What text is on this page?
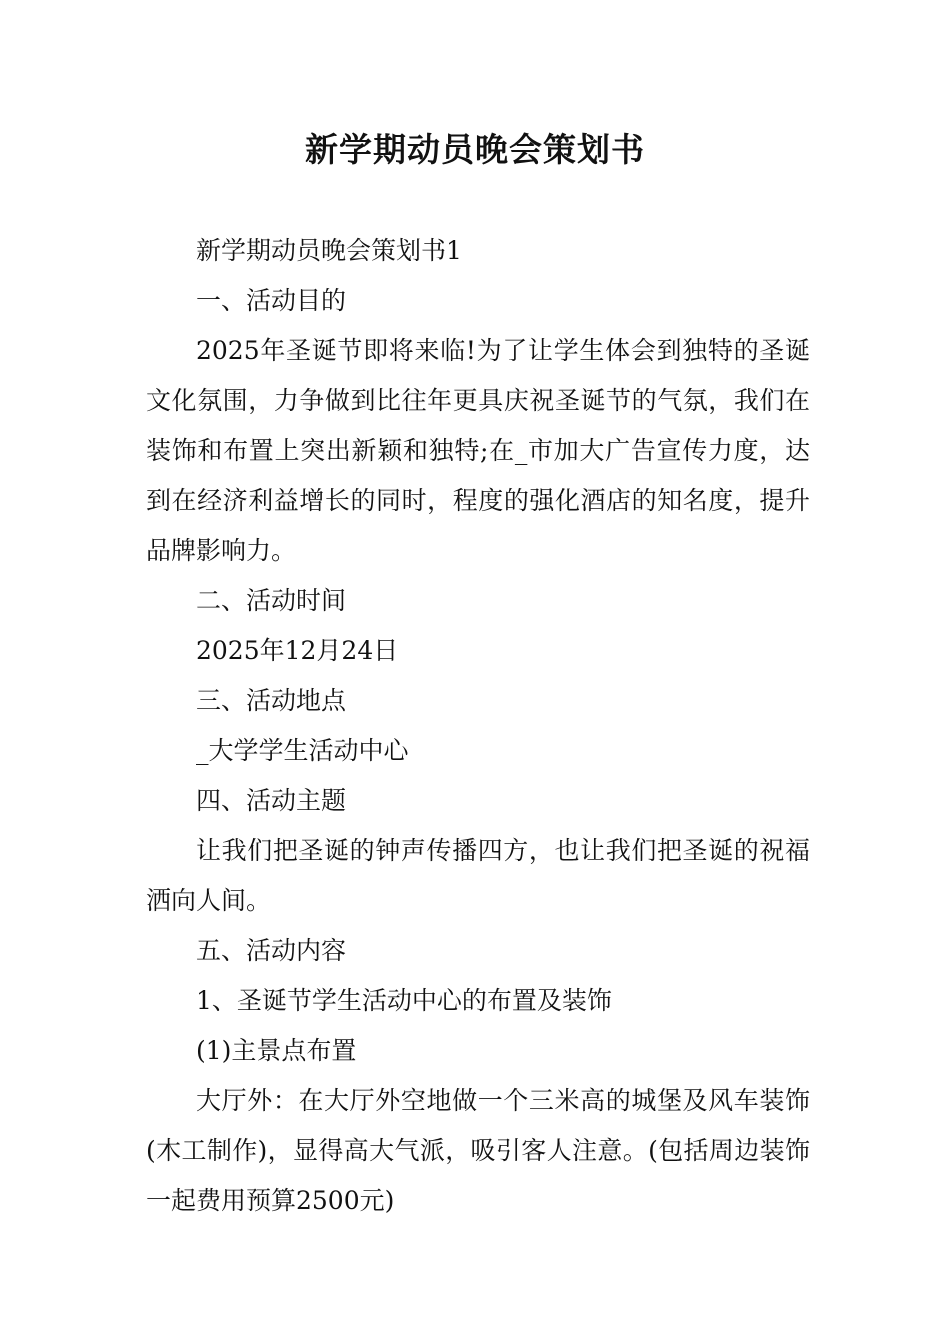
新学期动员晚会策划书

新学期动员晚会策划书1

一、活动目的

2025年圣诞节即将来临!为了让学生体会到独特的圣诞文化氛围，力争做到比往年更具庆祝圣诞节的气氛，我们在装饰和布置上突出新颖和独特;在_市加大广告宣传力度，达到在经济利益增长的同时，程度的强化酒店的知名度，提升品牌影响力。

二、活动时间

2025年12月24日

三、活动地点

_大学学生活动中心

四、活动主题

让我们把圣诞的钟声传播四方，也让我们把圣诞的祝福洒向人间。

五、活动内容

1、圣诞节学生活动中心的布置及装饰

(1)主景点布置

大厅外：在大厅外空地做一个三米高的城堡及风车装饰(木工制作)，显得高大气派，吸引客人注意。(包括周边装饰一起费用预算2500元)
